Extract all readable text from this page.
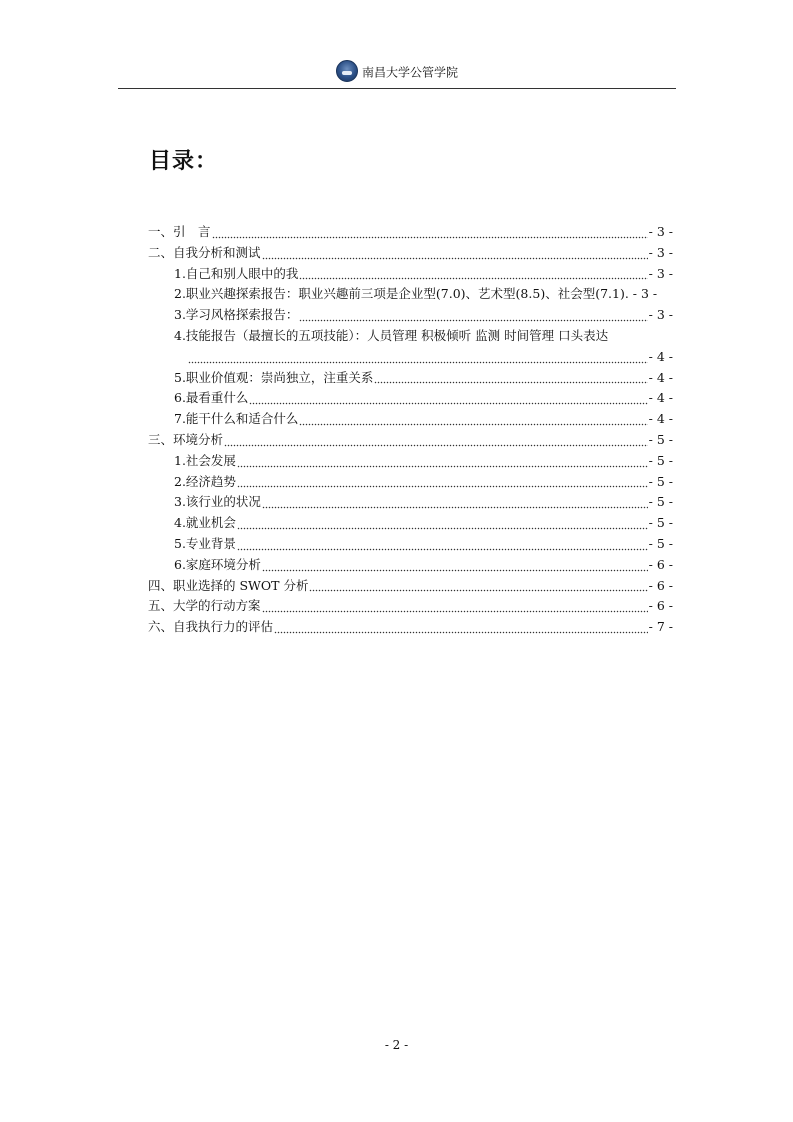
南昌大学公管学院
目录：
一、引　言	- 3 -
二、自我分析和测试	- 3 -
1.自己和别人眼中的我	- 3 -
2.职业兴趣探索报告：职业兴趣前三项是企业型(7.0)、艺术型(8.5)、社会型(7.1). - 3 -
3.学习风格探索报告：	- 3 -
4.技能报告（最擅长的五项技能）：人员管理 积极倾听 监测 时间管理 口头表达
- 4 -
5.职业价值观：崇尚独立，注重关系	- 4 -
6.最看重什么	- 4 -
7.能干什么和适合什么	- 4 -
三、环境分析	- 5 -
1.社会发展	- 5 -
2.经济趋势	- 5 -
3.该行业的状况	- 5 -
4.就业机会	- 5 -
5.专业背景	- 5 -
6.家庭环境分析	- 6 -
四、职业选择的 SWOT 分析	- 6 -
五、大学的行动方案	- 6 -
六、自我执行力的评估	- 7 -
- 2 -
